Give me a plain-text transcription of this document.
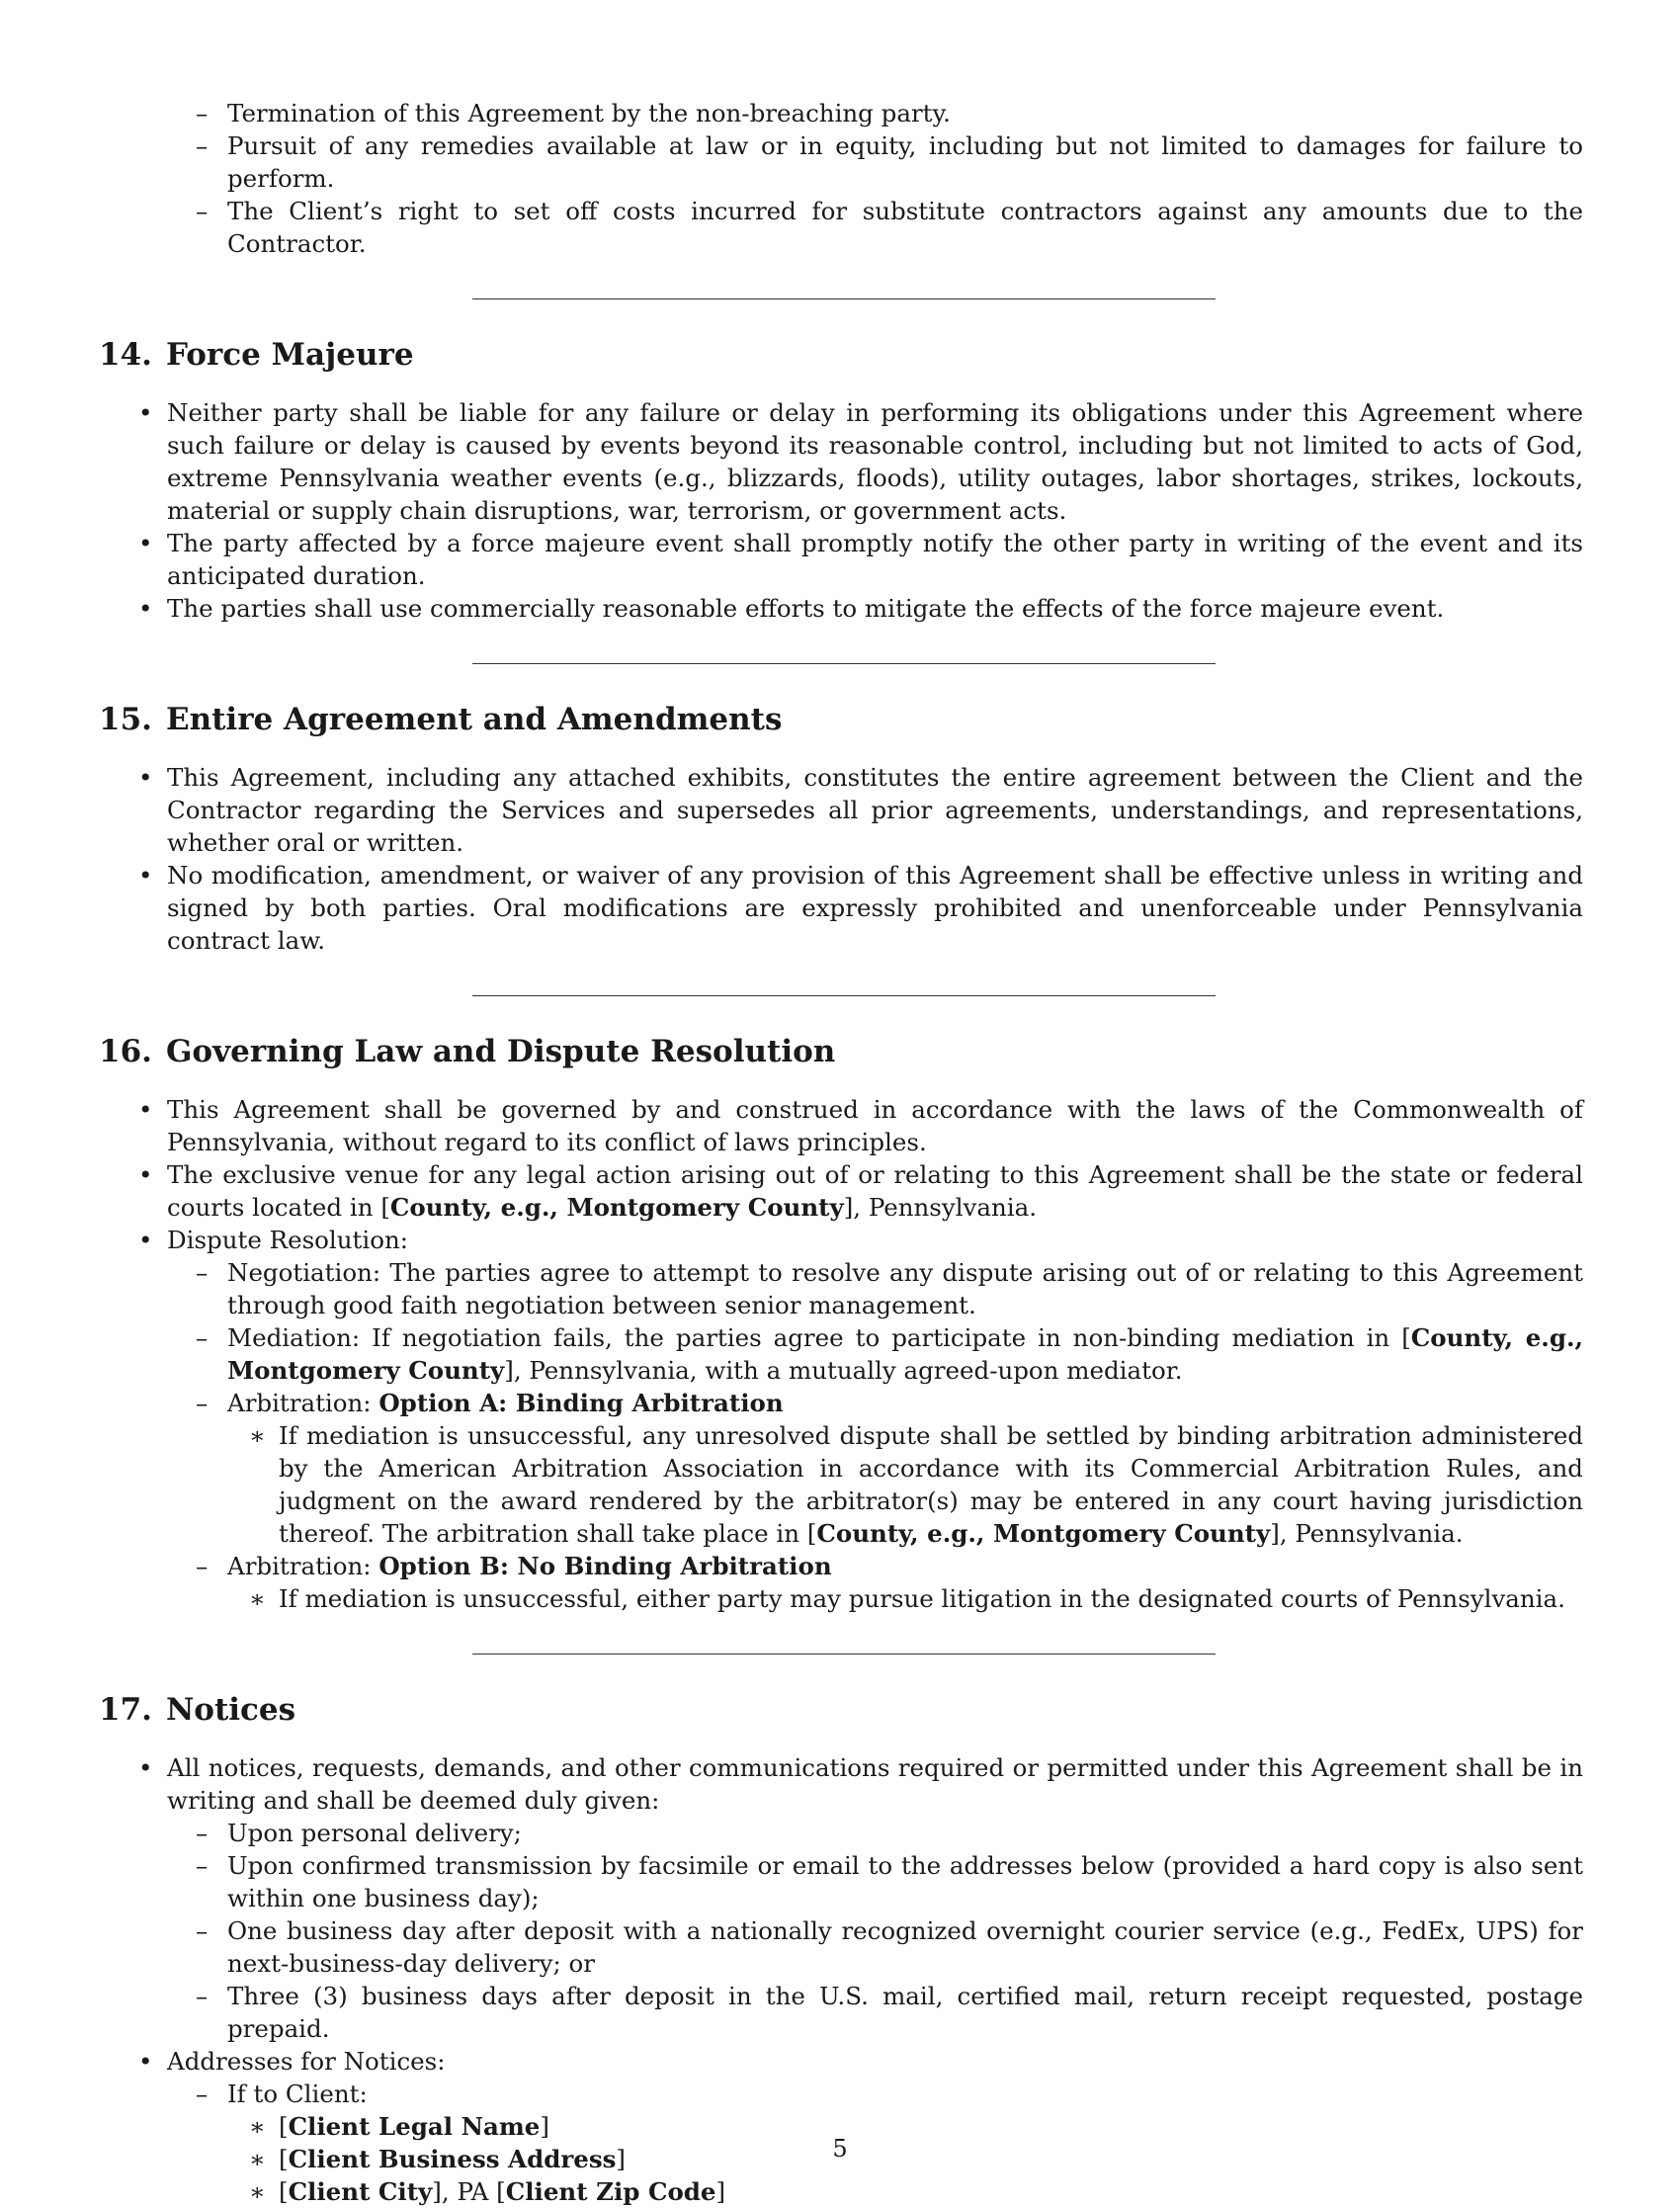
– Termination of this Agreement by the non-breaching party.
– Pursuit of any remedies available at law or in equity, including but not limited to damages for failure to perform.
– The Client’s right to set off costs incurred for substitute contractors against any amounts due to the Contractor.
14. Force Majeure
• Neither party shall be liable for any failure or delay in performing its obligations under this Agreement where such failure or delay is caused by events beyond its reasonable control, including but not limited to acts of God, extreme Pennsylvania weather events (e.g., blizzards, floods), utility outages, labor shortages, strikes, lockouts, material or supply chain disruptions, war, terrorism, or government acts.
• The party affected by a force majeure event shall promptly notify the other party in writing of the event and its anticipated duration.
• The parties shall use commercially reasonable efforts to mitigate the effects of the force majeure event.
15. Entire Agreement and Amendments
• This Agreement, including any attached exhibits, constitutes the entire agreement between the Client and the Contractor regarding the Services and supersedes all prior agreements, understandings, and representations, whether oral or written.
• No modification, amendment, or waiver of any provision of this Agreement shall be effective unless in writing and signed by both parties. Oral modifications are expressly prohibited and unenforceable under Pennsylvania contract law.
16. Governing Law and Dispute Resolution
• This Agreement shall be governed by and construed in accordance with the laws of the Commonwealth of Pennsylvania, without regard to its conflict of laws principles.
• The exclusive venue for any legal action arising out of or relating to this Agreement shall be the state or federal courts located in [County, e.g., Montgomery County], Pennsylvania.
• Dispute Resolution:
– Negotiation: The parties agree to attempt to resolve any dispute arising out of or relating to this Agreement through good faith negotiation between senior management.
– Mediation: If negotiation fails, the parties agree to participate in non-binding mediation in [County, e.g., Montgomery County], Pennsylvania, with a mutually agreed-upon mediator.
– Arbitration: Option A: Binding Arbitration
∗ If mediation is unsuccessful, any unresolved dispute shall be settled by binding arbitration administered by the American Arbitration Association in accordance with its Commercial Arbitration Rules, and judgment on the award rendered by the arbitrator(s) may be entered in any court having jurisdiction thereof. The arbitration shall take place in [County, e.g., Montgomery County], Pennsylvania.
– Arbitration: Option B: No Binding Arbitration
∗ If mediation is unsuccessful, either party may pursue litigation in the designated courts of Pennsylvania.
17. Notices
• All notices, requests, demands, and other communications required or permitted under this Agreement shall be in writing and shall be deemed duly given:
– Upon personal delivery;
– Upon confirmed transmission by facsimile or email to the addresses below (provided a hard copy is also sent within one business day);
– One business day after deposit with a nationally recognized overnight courier service (e.g., FedEx, UPS) for next-business-day delivery; or
– Three (3) business days after deposit in the U.S. mail, certified mail, return receipt requested, postage prepaid.
• Addresses for Notices:
– If to Client:
∗ [Client Legal Name]
∗ [Client Business Address]
∗ [Client City], PA [Client Zip Code]
5
